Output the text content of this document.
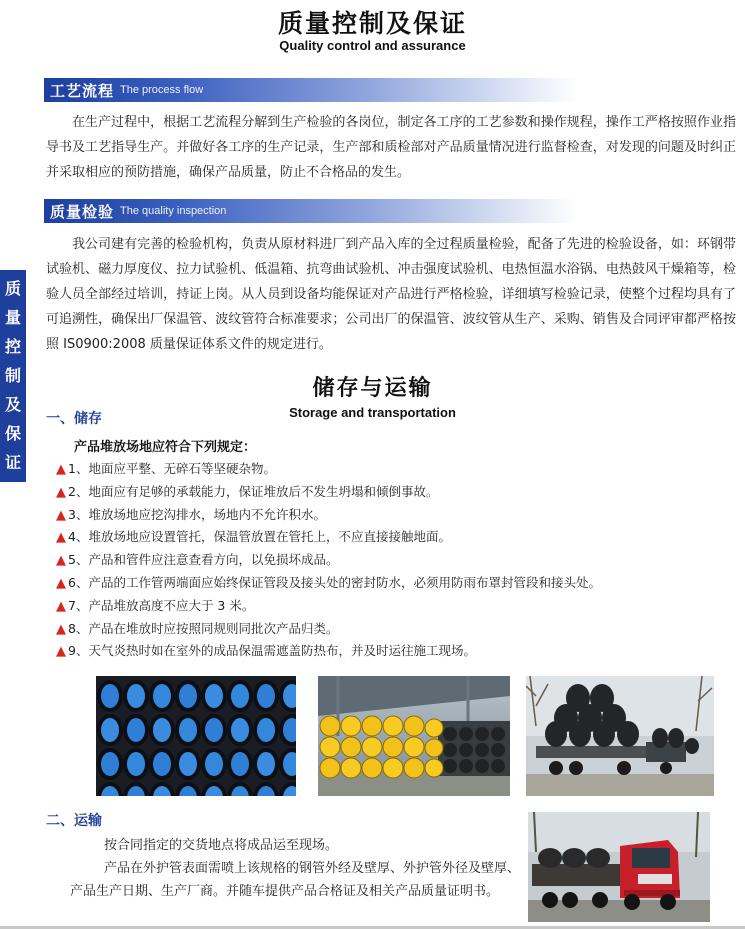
质量控制及保证
Quality control and assurance
质
量
控
制
及
保
证
工艺流程 The process flow

在生产过程中，根据工艺流程分解到生产检验的各岗位，制定各工序的工艺参数和操作规程，操作工严格按照作业指导书及工艺指导生产。并做好各工序的生产记录，生产部和质检部对产品质量情况进行监督检查，对发现的问题及时纠正并采取相应的预防措施，确保产品质量，防止不合格品的发生。

质量检验 The quality inspection

我公司建有完善的检验机构，负责从原材料进厂到产品入库的全过程质量检验，配备了先进的检验设备，如：环钢带试验机、磁力厚度仪、拉力试验机、低温箱、抗弯曲试验机、冲击强度试验机、电热恒温水浴锅、电热鼓风干燥箱等，检验人员全部经过培训，持证上岗。从人员到设备均能保证对产品进行严格检验，详细填写检验记录，使整个过程均具有了可追溯性，确保出厂保温管、波纹管符合标准要求；公司出厂的保温管、波纹管从生产、采购、销售及合同评审都严格按照 IS0900:2008 质量保证体系文件的规定进行。

储存与运输
Storage and transportation
一、储存
产品堆放场地应符合下列规定：
▲ 1、地面应平整、无碎石等坚硬杂物。
▲ 2、地面应有足够的承载能力，保证堆放后不发生坍塌和倾倒事故。
▲ 3、堆放场地应挖沟排水，场地内不允许积水。
▲ 4、堆放场地应设置管托，保温管放置在管托上，不应直接接触地面。
▲ 5、产品和管件应注意查看方向，以免损坏成品。
▲ 6、产品的工作管两端面应始终保证管段及接头处的密封防水，必须用防雨布罩封管段和接头处。
▲ 7、产品堆放高度不应大于 3 米。
▲ 8、产品在堆放时应按照同规则同批次产品归类。
▲ 9、天气炎热时如在室外的成品保温需遮盖防热布，并及时运往施工现场。
二、运输

按合同指定的交货地点将成品运至现场。

产品在外护管表面需喷上该规格的钢管外经及壁厚、外护管外径及壁厚、产品生产日期、生产厂商。并随车提供产品合格证及相关产品质量证明书。
